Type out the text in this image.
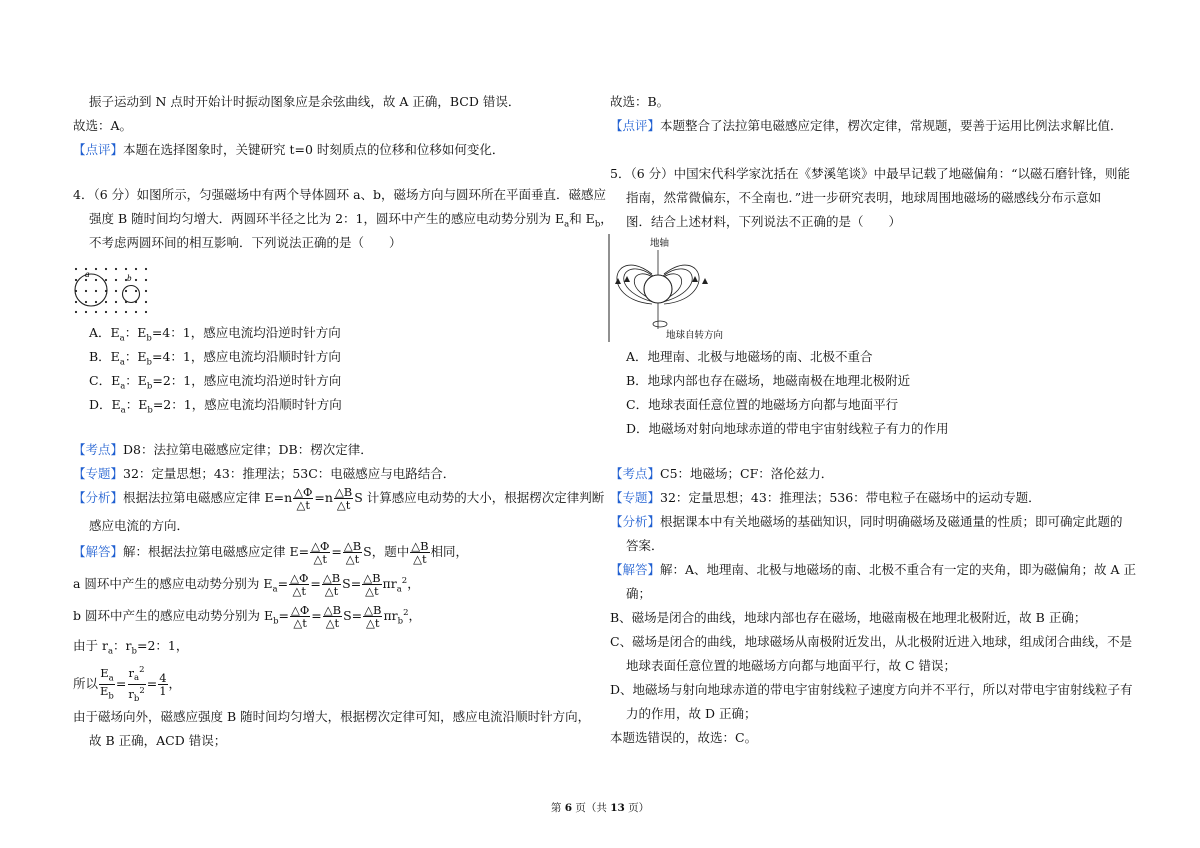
振子运动到 N 点时开始计时振动图象应是余弦曲线，故 A 正确，BCD 错误．
故选：A。
【点评】本题在选择图象时，关键研究 t=0 时刻质点的位移和位移如何变化．
4．（6 分）如图所示，匀强磁场中有两个导体圆环 a、b，磁场方向与圆环所在平面垂直．磁感应
强度 B 随时间均匀增大．两圆环半径之比为 2：1，圆环中产生的感应电动势分别为 $E_a$和 $E_b$，
不考虑两圆环间的相互影响．下列说法正确的是（　　）
a	b
A．$E_a$：$E_b=4$：1，感应电流均沿逆时针方向
B．$E_a$：$E_b=4$：1，感应电流均沿顺时针方向
C．$E_a$：$E_b=2$：1，感应电流均沿逆时针方向
D．$E_a$：$E_b=2$：1，感应电流均沿顺时针方向
【考点】D8：法拉第电磁感应定律；DB：楞次定律．
【专题】32：定量思想；43：推理法；53C：电磁感应与电路结合．
【分析】根据法拉第电磁感应定律 $E=n \frac{\triangle\Phi}{\triangle t} =n \frac{\triangle B}{\triangle t}$ S 计算感应电动势的大小，根据楞次定律判断
感应电流的方向．
【解答】解：根据法拉第电磁感应定律 $E= \frac{\triangle\Phi}{\triangle t} = \frac{\triangle B}{\triangle t}$ S，题中 $\frac{\triangle B}{\triangle t}$ 相同，
a 圆环中产生的感应电动势分别为 $E_a= \frac{\triangle\Phi}{\triangle t} = \frac{\triangle B}{\triangle t} S= \frac{\triangle B}{\triangle t} \pi r_a^2$，
b 圆环中产生的感应电动势分别为 $E_b= \frac{\triangle\Phi}{\triangle t} = \frac{\triangle B}{\triangle t} S= \frac{\triangle B}{\triangle t} \pi r_b^2$，
由于 $r_a$：$r_b=2$：1，
所以 $\frac{E_a}{E_b} = \frac{r_a^2}{r_b^2} = \frac{4}{1}$ ，
由于磁场向外，磁感应强度 B 随时间均匀增大，根据楞次定律可知，感应电流沿顺时针方向，
故 B 正确，ACD 错误；
故选：B。
【点评】本题整合了法拉第电磁感应定律，楞次定律，常规题，要善于运用比例法求解比值．
5．（6 分）中国宋代科学家沈括在《梦溪笔谈》中最早记载了地磁偏角：“以磁石磨针锋，则能
指南，然常微偏东，不全南也．”进一步研究表明，地球周围地磁场的磁感线分布示意如
图．结合上述材料，下列说法不正确的是（　　）
地轴
地球自转方向
A．地理南、北极与地磁场的南、北极不重合
B．地球内部也存在磁场，地磁南极在地理北极附近
C．地球表面任意位置的地磁场方向都与地面平行
D．地磁场对射向地球赤道的带电宇宙射线粒子有力的作用
【考点】C5：地磁场；CF：洛伦兹力．
【专题】32：定量思想；43：推理法；536：带电粒子在磁场中的运动专题．
【分析】根据课本中有关地磁场的基础知识，同时明确磁场及磁通量的性质；即可确定此题的
答案．
【解答】解：A、地理南、北极与地磁场的南、北极不重合有一定的夹角，即为磁偏角；故 A 正
确；
B、磁场是闭合的曲线，地球内部也存在磁场，地磁南极在地理北极附近，故 B 正确；
C、磁场是闭合的曲线，地球磁场从南极附近发出，从北极附近进入地球，组成闭合曲线，不是
地球表面任意位置的地磁场方向都与地面平行，故 C 错误；
D、地磁场与射向地球赤道的带电宇宙射线粒子速度方向并不平行，所以对带电宇宙射线粒子有
力的作用，故 D 正确；
本题选错误的，故选：C。
第 6 页（共 13 页）
